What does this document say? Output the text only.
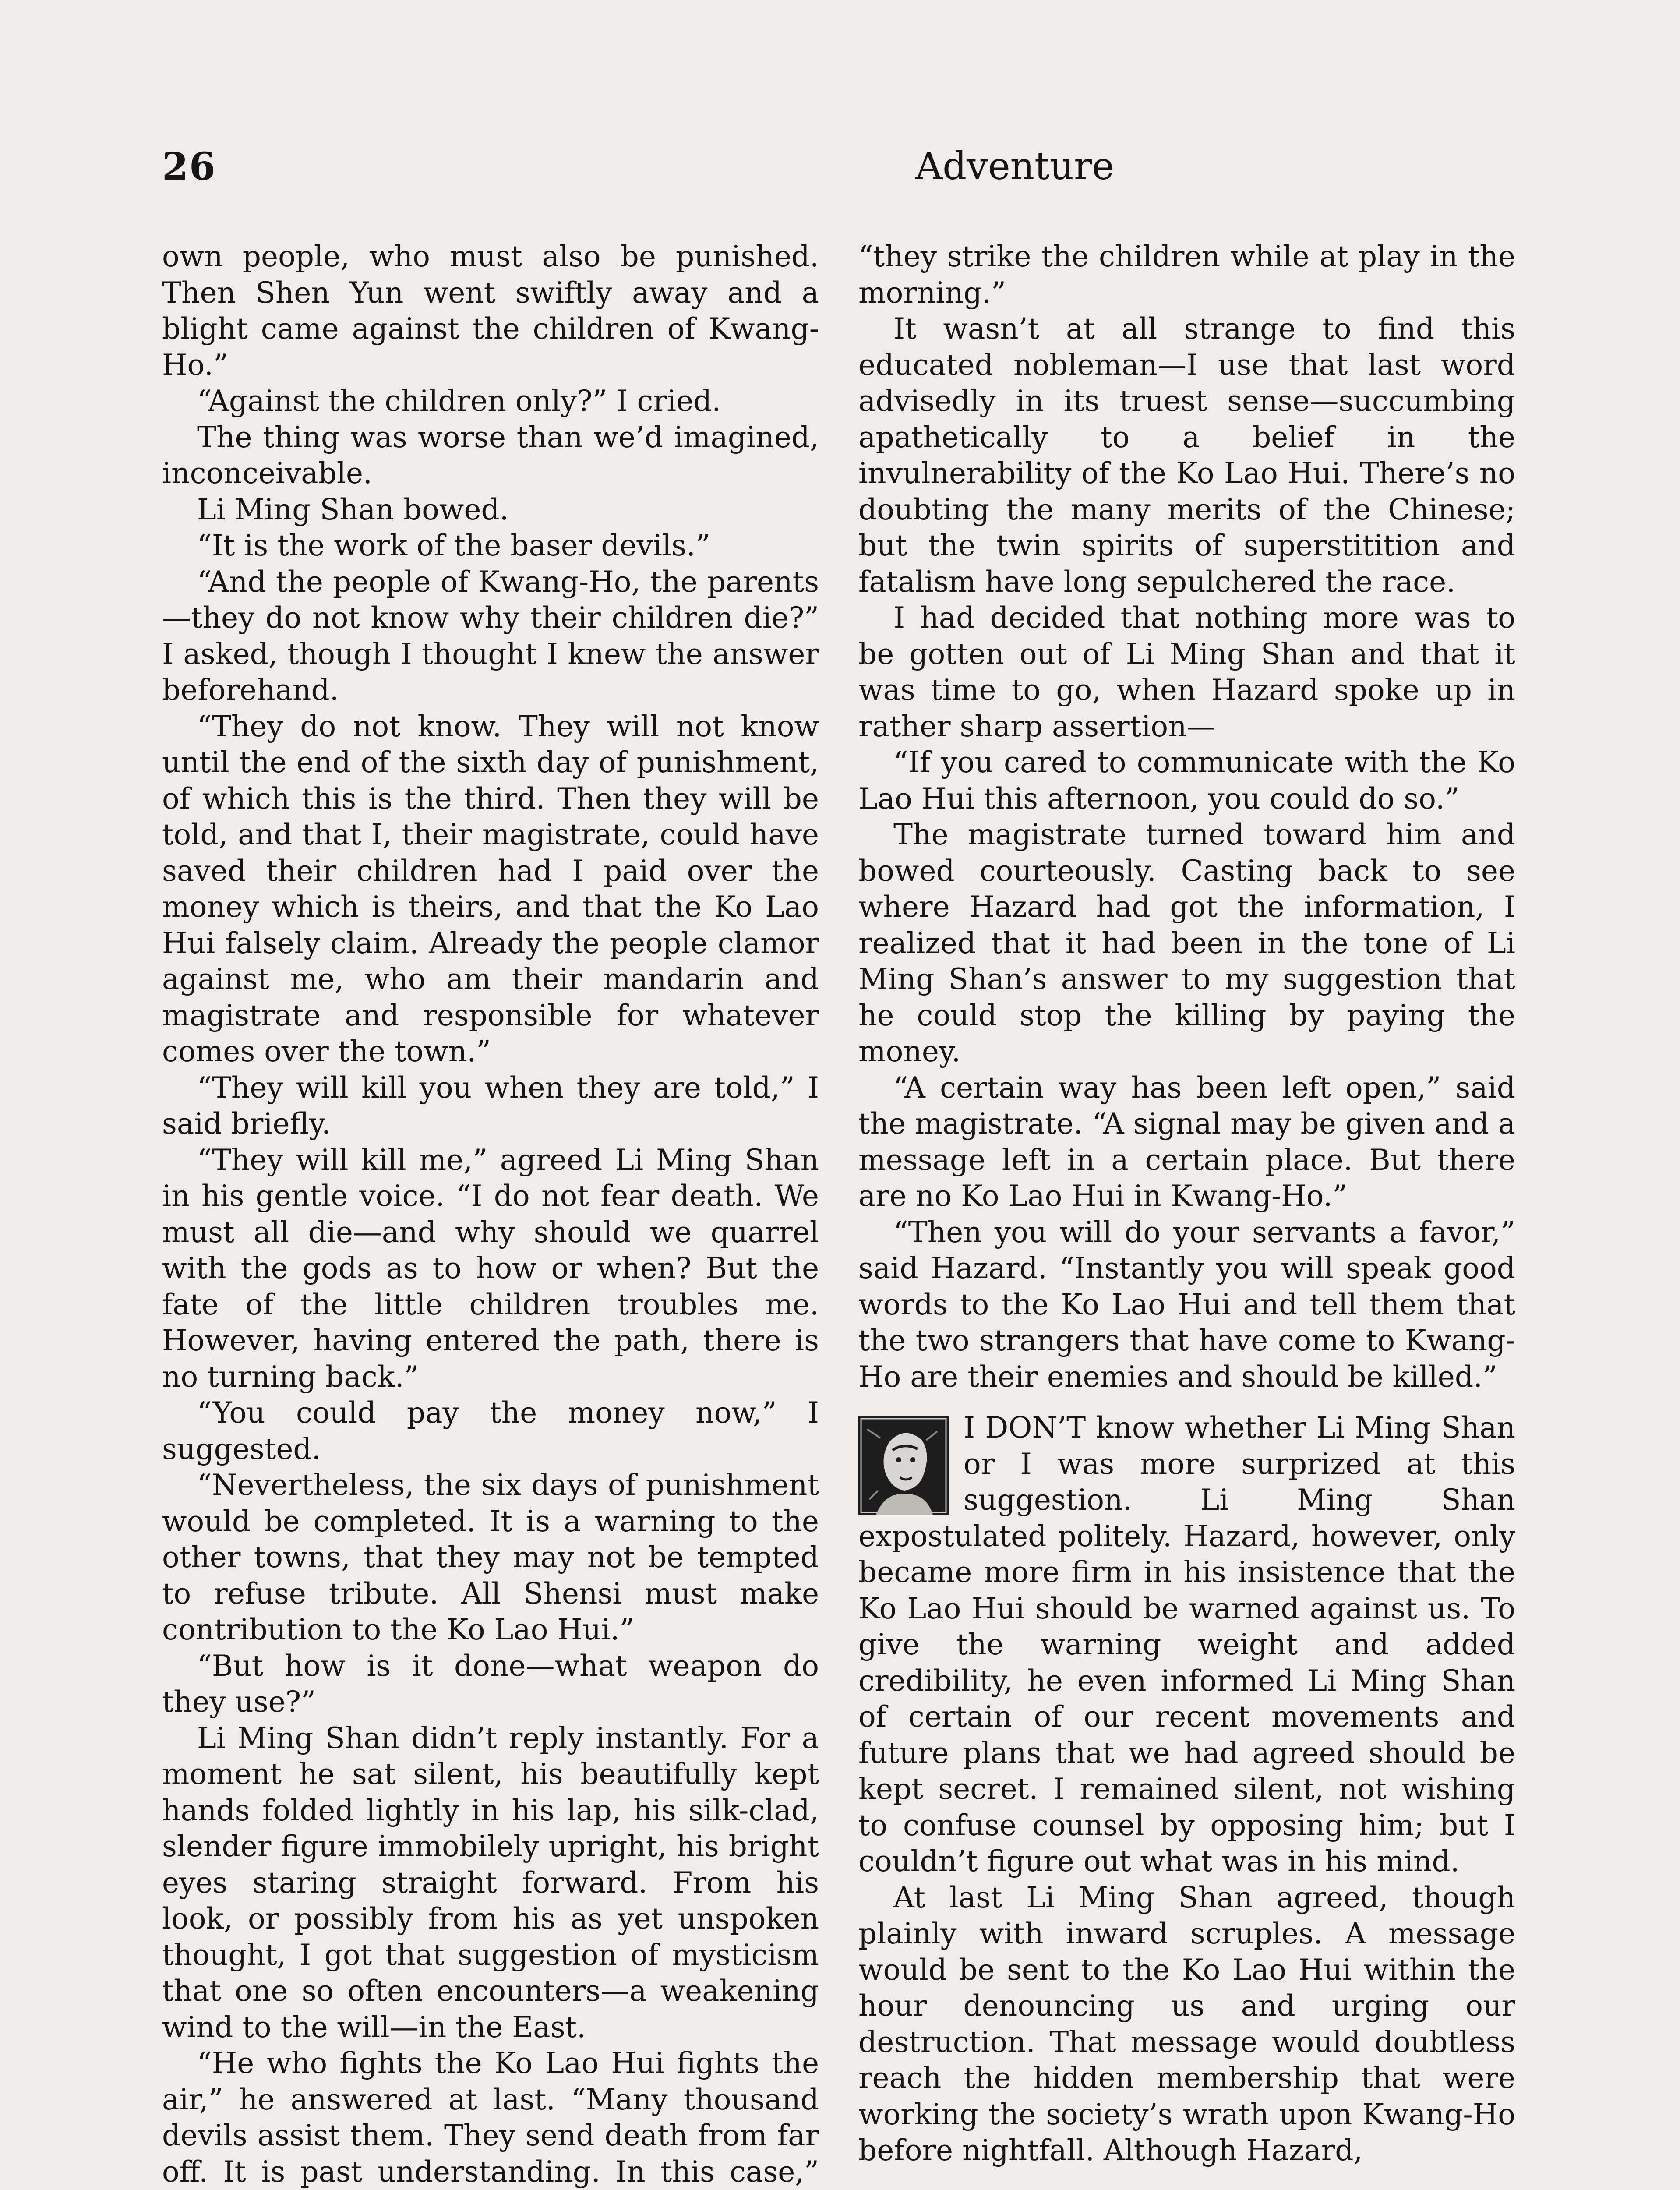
26	Adventure

own people, who must also be punished. Then Shen Yun went swiftly away and a blight came against the children of Kwang-Ho.”

“Against the children only?” I cried.

The thing was worse than we’d imagined, inconceivable.

Li Ming Shan bowed.

“It is the work of the baser devils.”

“And the people of Kwang-Ho, the parents—they do not know why their children die?” I asked, though I thought I knew the answer beforehand.

“They do not know. They will not know until the end of the sixth day of punishment, of which this is the third. Then they will be told, and that I, their magistrate, could have saved their children had I paid over the money which is theirs, and that the Ko Lao Hui falsely claim. Already the people clamor against me, who am their mandarin and magistrate and responsible for whatever comes over the town.”

“They will kill you when they are told,” I said briefly.

“They will kill me,” agreed Li Ming Shan in his gentle voice. “I do not fear death. We must all die—and why should we quarrel with the gods as to how or when? But the fate of the little children troubles me. However, having entered the path, there is no turning back.”

“You could pay the money now,” I suggested.

“Nevertheless, the six days of punishment would be completed. It is a warning to the other towns, that they may not be tempted to refuse tribute. All Shensi must make contribution to the Ko Lao Hui.”

“But how is it done—what weapon do they use?”

Li Ming Shan didn’t reply instantly. For a moment he sat silent, his beautifully kept hands folded lightly in his lap, his silk-clad, slender figure immobilely upright, his bright eyes staring straight forward. From his look, or possibly from his as yet unspoken thought, I got that suggestion of mysticism that one so often encounters—a weakening wind to the will—in the East.

“He who fights the Ko Lao Hui fights the air,” he answered at last. “Many thousand devils assist them. They send death from far off. It is past understanding. In this case,”

“they strike the children while at play in the morning.”

It wasn’t at all strange to find this educated nobleman—I use that last word advisedly in its truest sense—succumbing apathetically to a belief in the invulnerability of the Ko Lao Hui. There’s no doubting the many merits of the Chinese; but the twin spirits of superstitition and fatalism have long sepulchered the race.

I had decided that nothing more was to be gotten out of Li Ming Shan and that it was time to go, when Hazard spoke up in rather sharp assertion—

“If you cared to communicate with the Ko Lao Hui this afternoon, you could do so.”

The magistrate turned toward him and bowed courteously. Casting back to see where Hazard had got the information, I realized that it had been in the tone of Li Ming Shan’s answer to my suggestion that he could stop the killing by paying the money.

“A certain way has been left open,” said the magistrate. “A signal may be given and a message left in a certain place. But there are no Ko Lao Hui in Kwang-Ho.”

“Then you will do your servants a favor,” said Hazard. “Instantly you will speak good words to the Ko Lao Hui and tell them that the two strangers that have come to Kwang-Ho are their enemies and should be killed.”

I DON’T know whether Li Ming Shan or I was more surprized at this suggestion. Li Ming Shan expostulated politely. Hazard, however, only became more firm in his insistence that the Ko Lao Hui should be warned against us. To give the warning weight and added credibility, he even informed Li Ming Shan of certain of our recent movements and future plans that we had agreed should be kept secret. I remained silent, not wishing to confuse counsel by opposing him; but I couldn’t figure out what was in his mind.

At last Li Ming Shan agreed, though plainly with inward scruples. A message would be sent to the Ko Lao Hui within the hour denouncing us and urging our destruction. That message would doubtless reach the hidden membership that were working the society’s wrath upon Kwang-Ho before nightfall. Although Hazard,
